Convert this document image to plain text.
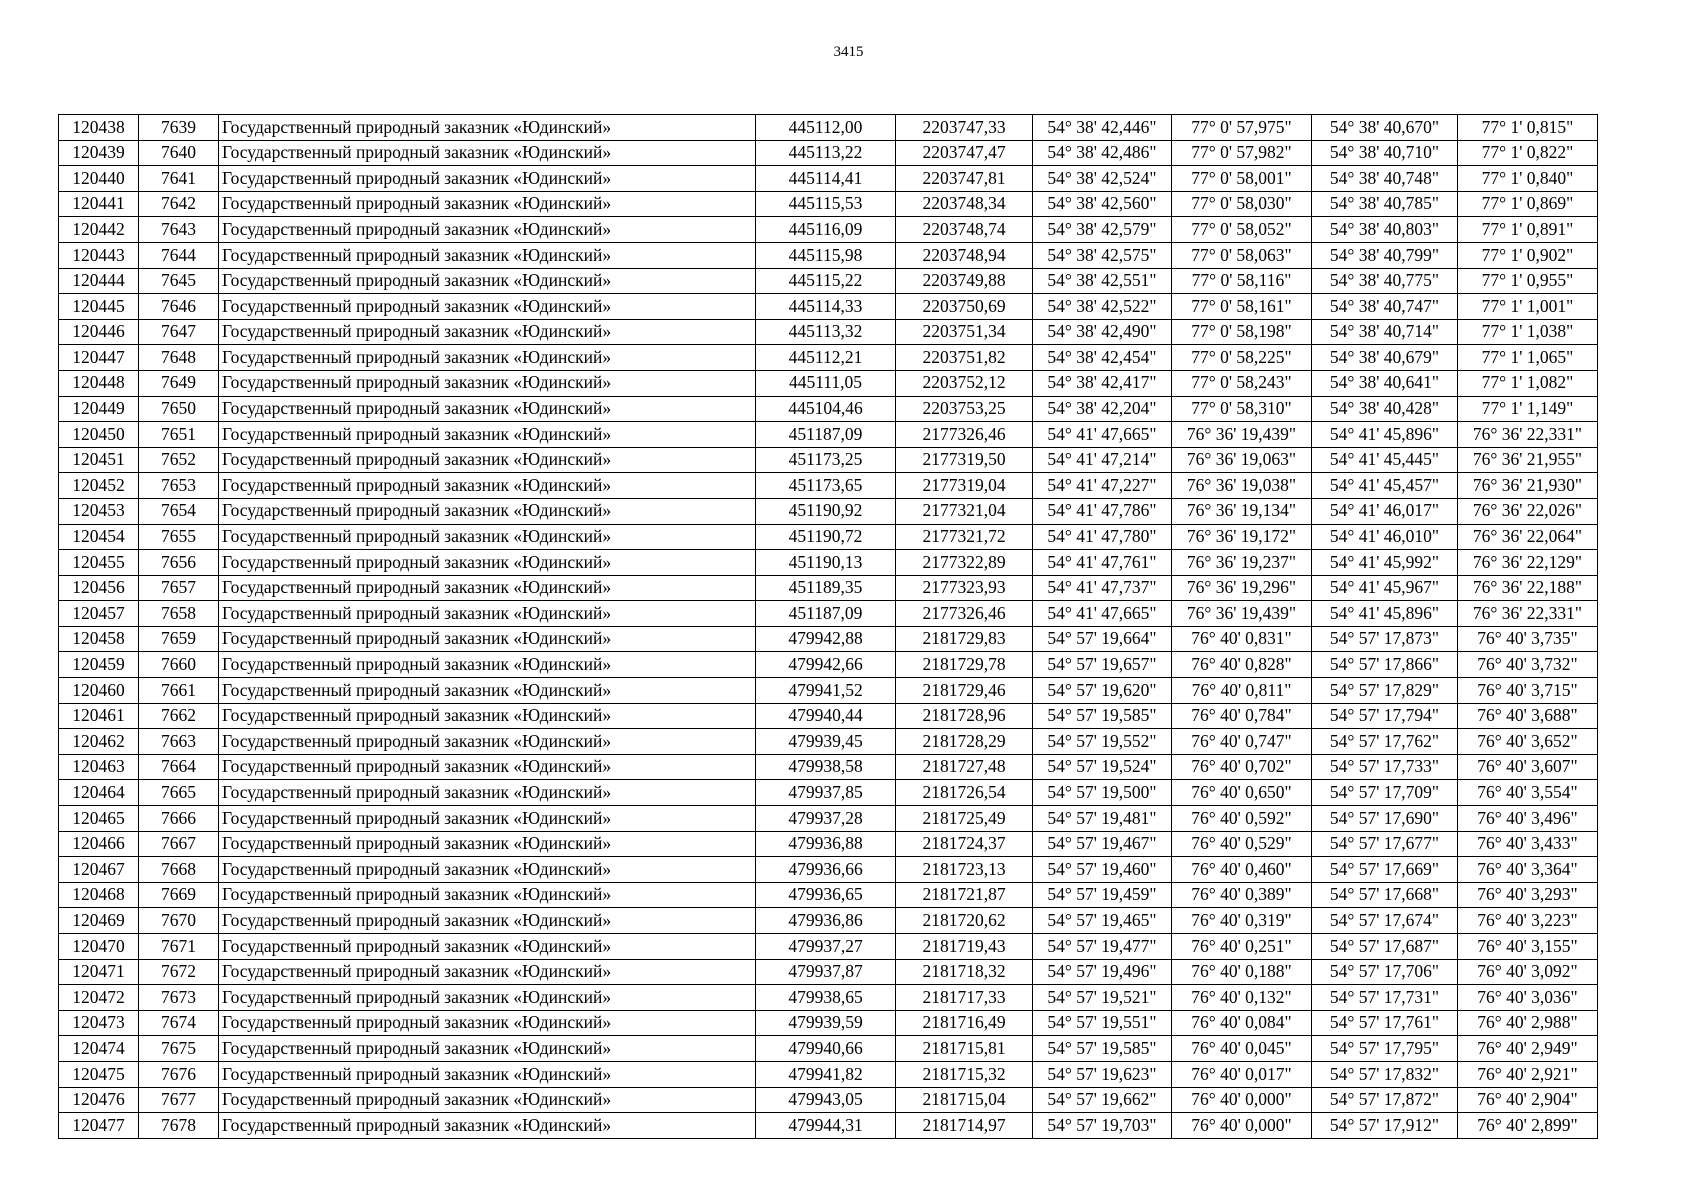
3415
120438	7639	Государственный природный заказник «Юдинский»	445112,00	2203747,33	54° 38' 42,446"	77° 0' 57,975"	54° 38' 40,670"	77° 1' 0,815"
120439	7640	Государственный природный заказник «Юдинский»	445113,22	2203747,47	54° 38' 42,486"	77° 0' 57,982"	54° 38' 40,710"	77° 1' 0,822"
120440	7641	Государственный природный заказник «Юдинский»	445114,41	2203747,81	54° 38' 42,524"	77° 0' 58,001"	54° 38' 40,748"	77° 1' 0,840"
120441	7642	Государственный природный заказник «Юдинский»	445115,53	2203748,34	54° 38' 42,560"	77° 0' 58,030"	54° 38' 40,785"	77° 1' 0,869"
120442	7643	Государственный природный заказник «Юдинский»	445116,09	2203748,74	54° 38' 42,579"	77° 0' 58,052"	54° 38' 40,803"	77° 1' 0,891"
120443	7644	Государственный природный заказник «Юдинский»	445115,98	2203748,94	54° 38' 42,575"	77° 0' 58,063"	54° 38' 40,799"	77° 1' 0,902"
120444	7645	Государственный природный заказник «Юдинский»	445115,22	2203749,88	54° 38' 42,551"	77° 0' 58,116"	54° 38' 40,775"	77° 1' 0,955"
120445	7646	Государственный природный заказник «Юдинский»	445114,33	2203750,69	54° 38' 42,522"	77° 0' 58,161"	54° 38' 40,747"	77° 1' 1,001"
120446	7647	Государственный природный заказник «Юдинский»	445113,32	2203751,34	54° 38' 42,490"	77° 0' 58,198"	54° 38' 40,714"	77° 1' 1,038"
120447	7648	Государственный природный заказник «Юдинский»	445112,21	2203751,82	54° 38' 42,454"	77° 0' 58,225"	54° 38' 40,679"	77° 1' 1,065"
120448	7649	Государственный природный заказник «Юдинский»	445111,05	2203752,12	54° 38' 42,417"	77° 0' 58,243"	54° 38' 40,641"	77° 1' 1,082"
120449	7650	Государственный природный заказник «Юдинский»	445104,46	2203753,25	54° 38' 42,204"	77° 0' 58,310"	54° 38' 40,428"	77° 1' 1,149"
120450	7651	Государственный природный заказник «Юдинский»	451187,09	2177326,46	54° 41' 47,665"	76° 36' 19,439"	54° 41' 45,896"	76° 36' 22,331"
120451	7652	Государственный природный заказник «Юдинский»	451173,25	2177319,50	54° 41' 47,214"	76° 36' 19,063"	54° 41' 45,445"	76° 36' 21,955"
120452	7653	Государственный природный заказник «Юдинский»	451173,65	2177319,04	54° 41' 47,227"	76° 36' 19,038"	54° 41' 45,457"	76° 36' 21,930"
120453	7654	Государственный природный заказник «Юдинский»	451190,92	2177321,04	54° 41' 47,786"	76° 36' 19,134"	54° 41' 46,017"	76° 36' 22,026"
120454	7655	Государственный природный заказник «Юдинский»	451190,72	2177321,72	54° 41' 47,780"	76° 36' 19,172"	54° 41' 46,010"	76° 36' 22,064"
120455	7656	Государственный природный заказник «Юдинский»	451190,13	2177322,89	54° 41' 47,761"	76° 36' 19,237"	54° 41' 45,992"	76° 36' 22,129"
120456	7657	Государственный природный заказник «Юдинский»	451189,35	2177323,93	54° 41' 47,737"	76° 36' 19,296"	54° 41' 45,967"	76° 36' 22,188"
120457	7658	Государственный природный заказник «Юдинский»	451187,09	2177326,46	54° 41' 47,665"	76° 36' 19,439"	54° 41' 45,896"	76° 36' 22,331"
120458	7659	Государственный природный заказник «Юдинский»	479942,88	2181729,83	54° 57' 19,664"	76° 40' 0,831"	54° 57' 17,873"	76° 40' 3,735"
120459	7660	Государственный природный заказник «Юдинский»	479942,66	2181729,78	54° 57' 19,657"	76° 40' 0,828"	54° 57' 17,866"	76° 40' 3,732"
120460	7661	Государственный природный заказник «Юдинский»	479941,52	2181729,46	54° 57' 19,620"	76° 40' 0,811"	54° 57' 17,829"	76° 40' 3,715"
120461	7662	Государственный природный заказник «Юдинский»	479940,44	2181728,96	54° 57' 19,585"	76° 40' 0,784"	54° 57' 17,794"	76° 40' 3,688"
120462	7663	Государственный природный заказник «Юдинский»	479939,45	2181728,29	54° 57' 19,552"	76° 40' 0,747"	54° 57' 17,762"	76° 40' 3,652"
120463	7664	Государственный природный заказник «Юдинский»	479938,58	2181727,48	54° 57' 19,524"	76° 40' 0,702"	54° 57' 17,733"	76° 40' 3,607"
120464	7665	Государственный природный заказник «Юдинский»	479937,85	2181726,54	54° 57' 19,500"	76° 40' 0,650"	54° 57' 17,709"	76° 40' 3,554"
120465	7666	Государственный природный заказник «Юдинский»	479937,28	2181725,49	54° 57' 19,481"	76° 40' 0,592"	54° 57' 17,690"	76° 40' 3,496"
120466	7667	Государственный природный заказник «Юдинский»	479936,88	2181724,37	54° 57' 19,467"	76° 40' 0,529"	54° 57' 17,677"	76° 40' 3,433"
120467	7668	Государственный природный заказник «Юдинский»	479936,66	2181723,13	54° 57' 19,460"	76° 40' 0,460"	54° 57' 17,669"	76° 40' 3,364"
120468	7669	Государственный природный заказник «Юдинский»	479936,65	2181721,87	54° 57' 19,459"	76° 40' 0,389"	54° 57' 17,668"	76° 40' 3,293"
120469	7670	Государственный природный заказник «Юдинский»	479936,86	2181720,62	54° 57' 19,465"	76° 40' 0,319"	54° 57' 17,674"	76° 40' 3,223"
120470	7671	Государственный природный заказник «Юдинский»	479937,27	2181719,43	54° 57' 19,477"	76° 40' 0,251"	54° 57' 17,687"	76° 40' 3,155"
120471	7672	Государственный природный заказник «Юдинский»	479937,87	2181718,32	54° 57' 19,496"	76° 40' 0,188"	54° 57' 17,706"	76° 40' 3,092"
120472	7673	Государственный природный заказник «Юдинский»	479938,65	2181717,33	54° 57' 19,521"	76° 40' 0,132"	54° 57' 17,731"	76° 40' 3,036"
120473	7674	Государственный природный заказник «Юдинский»	479939,59	2181716,49	54° 57' 19,551"	76° 40' 0,084"	54° 57' 17,761"	76° 40' 2,988"
120474	7675	Государственный природный заказник «Юдинский»	479940,66	2181715,81	54° 57' 19,585"	76° 40' 0,045"	54° 57' 17,795"	76° 40' 2,949"
120475	7676	Государственный природный заказник «Юдинский»	479941,82	2181715,32	54° 57' 19,623"	76° 40' 0,017"	54° 57' 17,832"	76° 40' 2,921"
120476	7677	Государственный природный заказник «Юдинский»	479943,05	2181715,04	54° 57' 19,662"	76° 40' 0,000"	54° 57' 17,872"	76° 40' 2,904"
120477	7678	Государственный природный заказник «Юдинский»	479944,31	2181714,97	54° 57' 19,703"	76° 40' 0,000"	54° 57' 17,912"	76° 40' 2,899"
